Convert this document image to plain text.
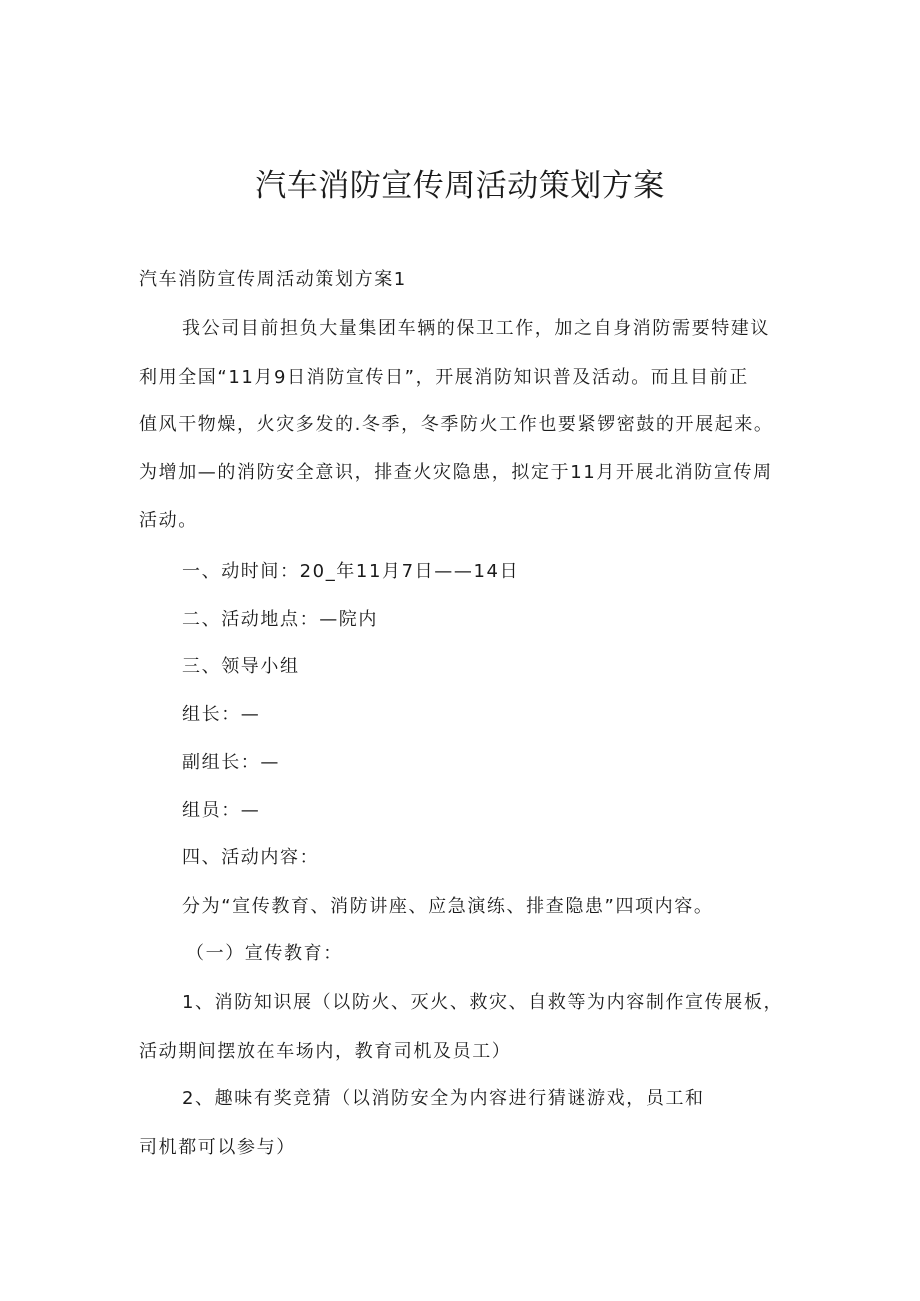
汽车消防宣传周活动策划方案
汽车消防宣传周活动策划方案1
我公司目前担负大量集团车辆的保卫工作，加之自身消防需要特建议
利用全国“11月9日消防宣传日”，开展消防知识普及活动。而且目前正
值风干物燥，火灾多发的.冬季，冬季防火工作也要紧锣密鼓的开展起来。
为增加—的消防安全意识，排查火灾隐患，拟定于11月开展北消防宣传周
活动。
一、动时间：20_年11月7日——14日
二、活动地点：—院内
三、领导小组
组长：—
副组长：—
组员：—
四、活动内容：
分为“宣传教育、消防讲座、应急演练、排查隐患”四项内容。
（一）宣传教育：
1、消防知识展（以防火、灭火、救灾、自救等为内容制作宣传展板，
活动期间摆放在车场内，教育司机及员工）
2、趣味有奖竞猜（以消防安全为内容进行猜谜游戏，员工和
司机都可以参与）
